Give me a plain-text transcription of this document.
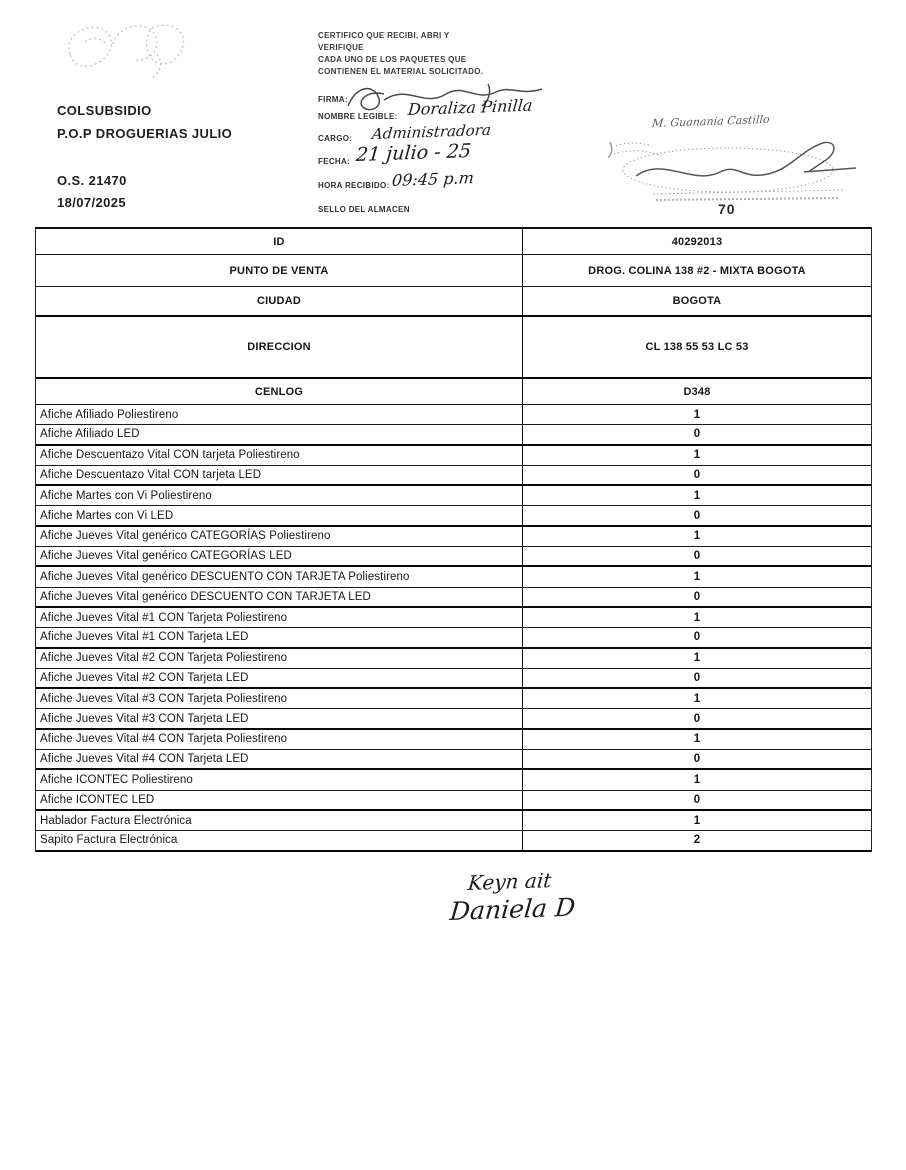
COLSUBSIDIO
P.O.P DROGUERIAS JULIO
O.S. 21470
18/07/2025
CERTIFICO QUE RECIBI, ABRI Y
VERIFIQUE
CADA UNO DE LOS PAQUETES QUE
CONTIENEN EL MATERIAL SOLICITADO.
FIRMA:
NOMBRE LEGIBLE: Doraliza Pinilla
CARGO: Administradora
FECHA: 21 julio - 25
HORA RECIBIDO: 09:45 p.m
SELLO DEL ALMACEN
M. Guanania Castillo
70
ID	40292013
PUNTO DE VENTA	DROG. COLINA 138 #2 - MIXTA BOGOTA
CIUDAD	BOGOTA
DIRECCION	CL 138 55 53 LC 53
CENLOG	D348
Afiche Afiliado Poliestireno	1
Afiche Afiliado LED	0
Afiche Descuentazo Vital CON tarjeta Poliestireno	1
Afiche Descuentazo Vital CON tarjeta LED	0
Afiche Martes con Vi Poliestireno	1
Afiche Martes con Vi LED	0
Afiche Jueves Vital genérico CATEGORÍAS Poliestireno	1
Afiche Jueves Vital genérico CATEGORÍAS LED	0
Afiche Jueves Vital genérico DESCUENTO CON TARJETA Poliestireno	1
Afiche Jueves Vital genérico DESCUENTO CON TARJETA LED	0
Afiche Jueves Vital #1 CON Tarjeta Poliestireno	1
Afiche Jueves Vital #1 CON Tarjeta LED	0
Afiche Jueves Vital #2 CON Tarjeta Poliestireno	1
Afiche Jueves Vital #2 CON Tarjeta LED	0
Afiche Jueves Vital #3 CON Tarjeta Poliestireno	1
Afiche Jueves Vital #3 CON Tarjeta LED	0
Afiche Jueves Vital #4 CON Tarjeta Poliestireno	1
Afiche Jueves Vital #4 CON Tarjeta LED	0
Afiche ICONTEC Poliestireno	1
Afiche ICONTEC LED	0
Hablador Factura Electrónica	1
Sapito Factura Electrónica	2
Keyn ait
Daniela D
